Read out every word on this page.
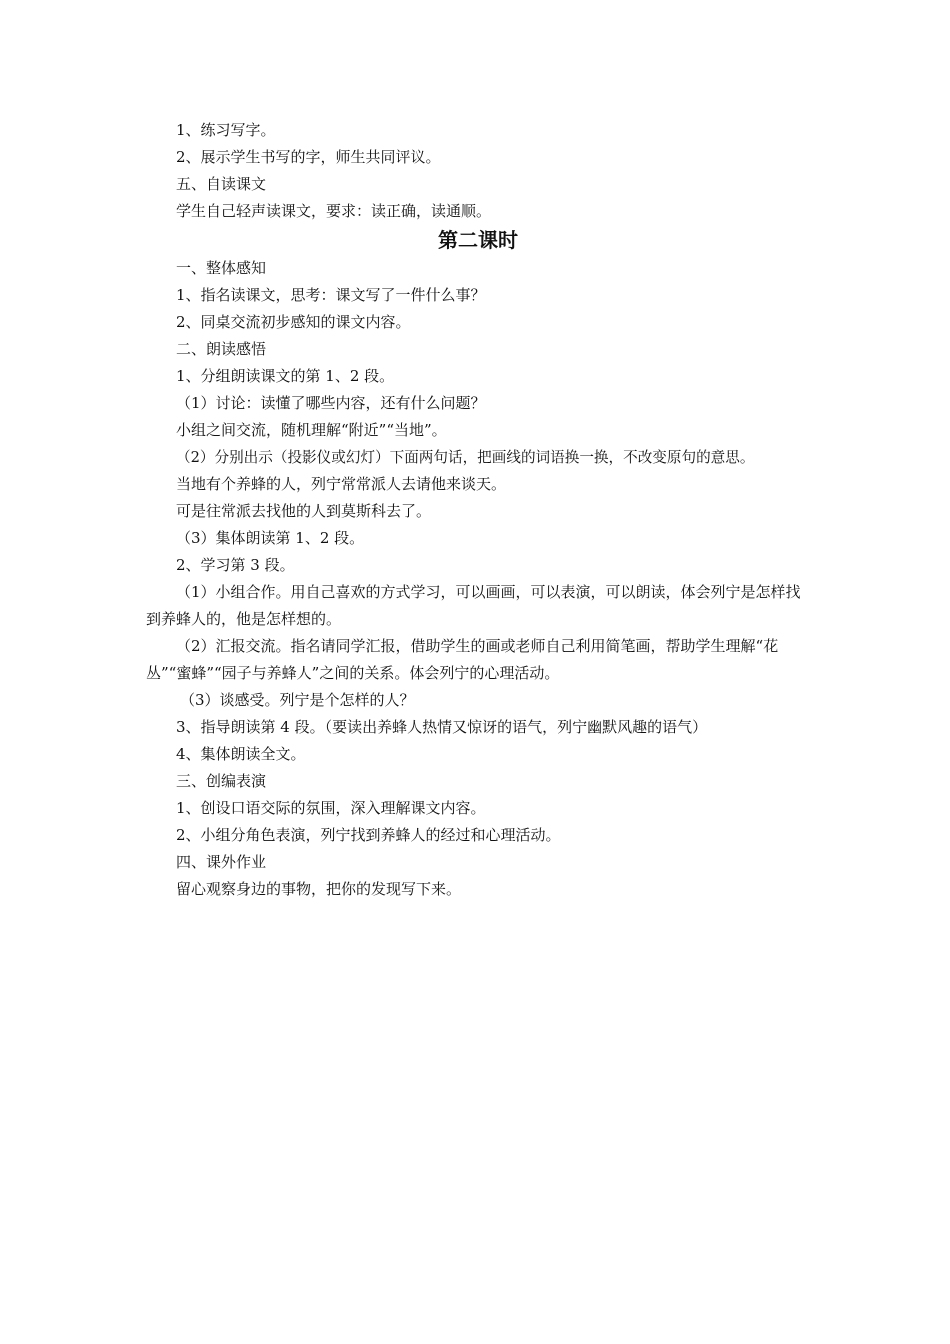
1、练习写字。
2、展示学生书写的字，师生共同评议。
五、自读课文
学生自己轻声读课文，要求：读正确，读通顺。
第二课时
一、整体感知
1、指名读课文，思考：课文写了一件什么事？
2、同桌交流初步感知的课文内容。
二、朗读感悟
1、分组朗读课文的第 1、2 段。
（1）讨论：读懂了哪些内容，还有什么问题？
小组之间交流，随机理解“附近”“当地”。
（2）分别出示（投影仪或幻灯）下面两句话，把画线的词语换一换，不改变原句的意思。
当地有个养蜂的人，列宁常常派人去请他来谈天。
可是往常派去找他的人到莫斯科去了。
（3）集体朗读第 1、2 段。
2、学习第 3 段。
（1）小组合作。用自己喜欢的方式学习，可以画画，可以表演，可以朗读，体会列宁是怎样找到养蜂人的，他是怎样想的。
（2）汇报交流。指名请同学汇报，借助学生的画或老师自己利用简笔画，帮助学生理解“花丛”“蜜蜂”“园子与养蜂人”之间的关系。体会列宁的心理活动。
（3）谈感受。列宁是个怎样的人？
3、指导朗读第 4 段。（要读出养蜂人热情又惊讶的语气，列宁幽默风趣的语气）
4、集体朗读全文。
三、创编表演
1、创设口语交际的氛围，深入理解课文内容。
2、小组分角色表演，列宁找到养蜂人的经过和心理活动。
四、课外作业
留心观察身边的事物，把你的发现写下来。
